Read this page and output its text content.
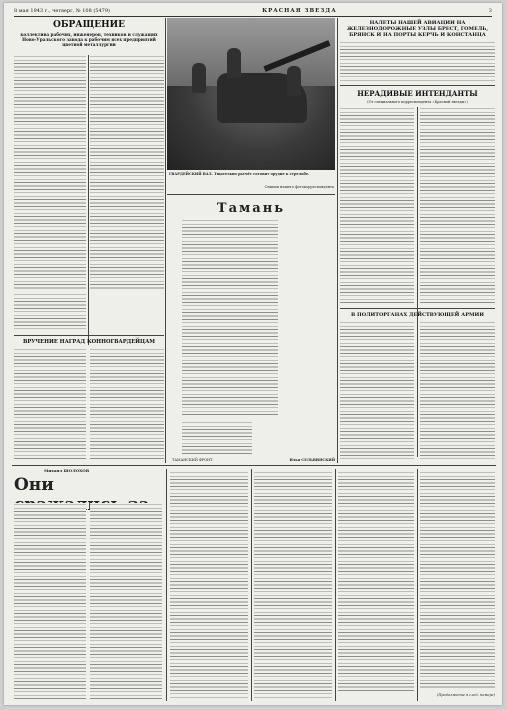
8 мая 1943 г., четверг, № 108 (5479)	КРАСНАЯ ЗВЕЗДА	3
ОБРАЩЕНИЕ
коллектива рабочих, инженеров, техников и служащих Ново-Уральского завода к рабочим всех предприятий цветной металлургии
ВРУЧЕНИЕ НАГРАД КОННОГВАРДЕЙЦАМ
ГВАРДЕЙСКИЙ ВАЛ. Тщательно расчёт готовит орудие к стрельбе.
Снимок нашего фотокорреспондента
Тамань
ТАМАНСКИЙ ФРОНТ.	Илья СЕЛЬВИНСКИЙ
НАЛЕТЫ НАШЕЙ АВИАЦИИ НА ЖЕЛЕЗНОДОРОЖНЫЕ УЗЛЫ БРЕСТ, ГОМЕЛЬ, БРЯНСК И НА ПОРТЫ КЕРЧЬ И КОНСТАНЦА
НЕРАДИВЫЕ ИНТЕНДАНТЫ
(От специального корреспондента «Красной звезды»)
В ПОЛИТОРГАНАХ ДЕЙСТВУЮЩЕЙ АРМИИ
Михаил ШОЛОХОВ
Они
(Продолжение в след. номере)
